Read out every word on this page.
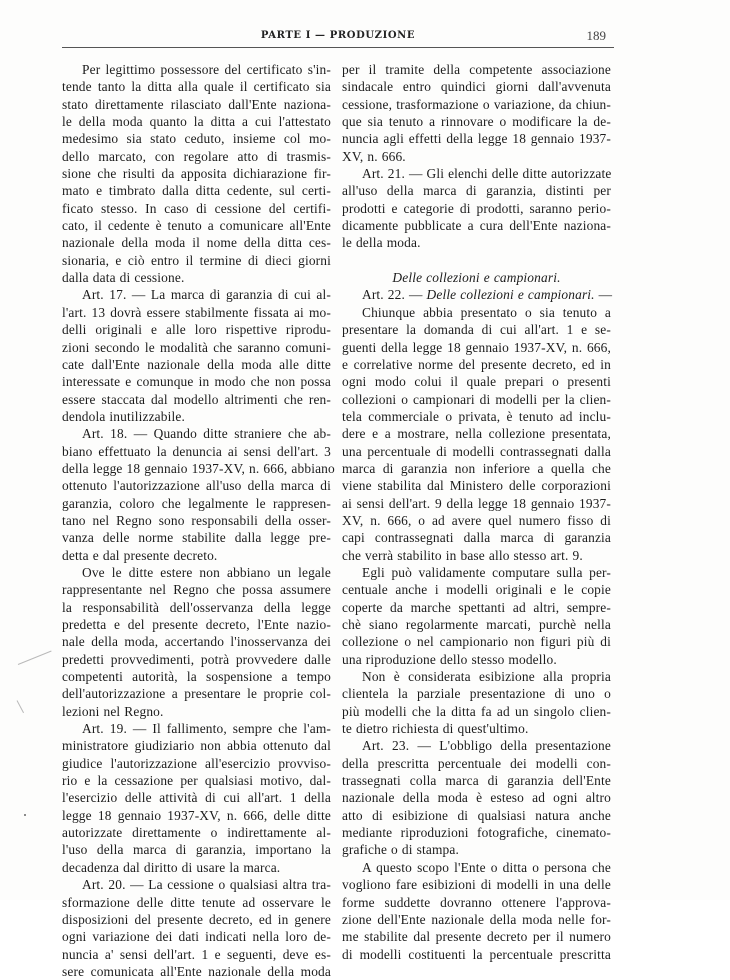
PARTE I — PRODUZIONE	189
Per legittimo possessore del certificato s'in-
tende tanto la ditta alla quale il certificato sia
stato direttamente rilasciato dall'Ente naziona-
le della moda quanto la ditta a cui l'attestato
medesimo sia stato ceduto, insieme col mo-
dello marcato, con regolare atto di trasmis-
sione che risulti da apposita dichiarazione fir-
mato e timbrato dalla ditta cedente, sul certi-
ficato stesso. In caso di cessione del certifi-
cato, il cedente è tenuto a comunicare all'Ente
nazionale della moda il nome della ditta ces-
sionaria, e ciò entro il termine di dieci giorni
dalla data di cessione.
Art. 17. — La marca di garanzia di cui al-
l'art. 13 dovrà essere stabilmente fissata ai mo-
delli originali e alle loro rispettive riprodu-
zioni secondo le modalità che saranno comuni-
cate dall'Ente nazionale della moda alle ditte
interessate e comunque in modo che non possa
essere staccata dal modello altrimenti che ren-
dendola inutilizzabile.
Art. 18. — Quando ditte straniere che ab-
biano effettuato la denuncia ai sensi dell'art. 3
della legge 18 gennaio 1937-XV, n. 666, abbiano
ottenuto l'autorizzazione all'uso della marca di
garanzia, coloro che legalmente le rappresen-
tano nel Regno sono responsabili della osser-
vanza delle norme stabilite dalla legge pre-
detta e dal presente decreto.
Ove le ditte estere non abbiano un legale
rappresentante nel Regno che possa assumere
la responsabilità dell'osservanza della legge
predetta e del presente decreto, l'Ente nazio-
nale della moda, accertando l'inosservanza dei
predetti provvedimenti, potrà provvedere dalle
competenti autorità, la sospensione a tempo
dell'autorizzazione a presentare le proprie col-
lezioni nel Regno.
Art. 19. — Il fallimento, sempre che l'am-
ministratore giudiziario non abbia ottenuto dal
giudice l'autorizzazione all'esercizio provviso-
rio e la cessazione per qualsiasi motivo, dal-
l'esercizio delle attività di cui all'art. 1 della
legge 18 gennaio 1937-XV, n. 666, delle ditte
autorizzate direttamente o indirettamente al-
l'uso della marca di garanzia, importano la
decadenza dal diritto di usare la marca.
Art. 20. — La cessione o qualsiasi altra tra-
sformazione delle ditte tenute ad osservare le
disposizioni del presente decreto, ed in genere
ogni variazione dei dati indicati nella loro de-
nuncia a' sensi dell'art. 1 e seguenti, deve es-
sere comunicata all'Ente nazionale della moda
per il tramite della competente associazione
sindacale entro quindici giorni dall'avvenuta
cessione, trasformazione o variazione, da chiun-
que sia tenuto a rinnovare o modificare la de-
nuncia agli effetti della legge 18 gennaio 1937-
XV, n. 666.
Art. 21. — Gli elenchi delle ditte autorizzate
all'uso della marca di garanzia, distinti per
prodotti e categorie di prodotti, saranno perio-
dicamente pubblicate a cura dell'Ente naziona-
le della moda.
Delle collezioni e campionari.
Art. 22. — Delle collezioni e campionari. —
Chiunque abbia presentato o sia tenuto a
presentare la domanda di cui all'art. 1 e se-
guenti della legge 18 gennaio 1937-XV, n. 666,
e correlative norme del presente decreto, ed in
ogni modo colui il quale prepari o presenti
collezioni o campionari di modelli per la clien-
tela commerciale o privata, è tenuto ad inclu-
dere e a mostrare, nella collezione presentata,
una percentuale di modelli contrassegnati dalla
marca di garanzia non inferiore a quella che
viene stabilita dal Ministero delle corporazioni
ai sensi dell'art. 9 della legge 18 gennaio 1937-
XV, n. 666, o ad avere quel numero fisso di
capi contrassegnati dalla marca di garanzia
che verrà stabilito in base allo stesso art. 9.
Egli può validamente computare sulla per-
centuale anche i modelli originali e le copie
coperte da marche spettanti ad altri, sempre-
chè siano regolarmente marcati, purchè nella
collezione o nel campionario non figuri più di
una riproduzione dello stesso modello.
Non è considerata esibizione alla propria
clientela la parziale presentazione di uno o
più modelli che la ditta fa ad un singolo clien-
te dietro richiesta di quest'ultimo.
Art. 23. — L'obbligo della presentazione
della prescritta percentuale dei modelli con-
trassegnati colla marca di garanzia dell'Ente
nazionale della moda è esteso ad ogni altro
atto di esibizione di qualsiasi natura anche
mediante riproduzioni fotografiche, cinemato-
grafiche o di stampa.
A questo scopo l'Ente o ditta o persona che
vogliono fare esibizioni di modelli in una delle
forme suddette dovranno ottenere l'approva-
zione dell'Ente nazionale della moda nelle for-
me stabilite dal presente decreto per il numero
di modelli costituenti la percentuale prescritta
